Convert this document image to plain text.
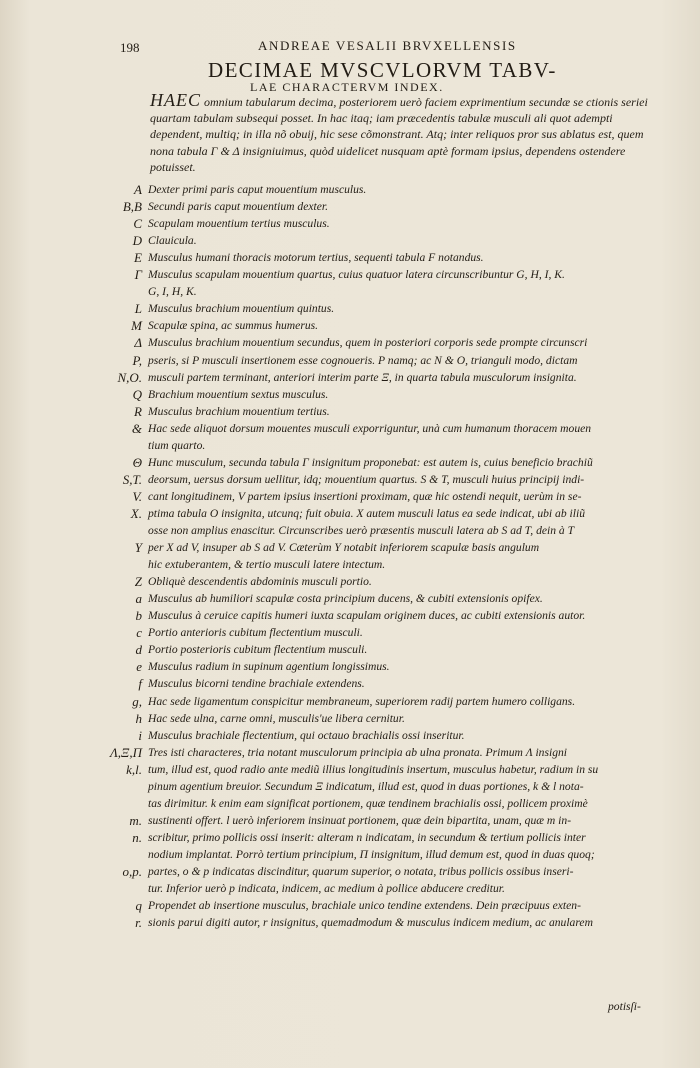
198	ANDREAE VESALII BRVXELLENSIS
DECIMAE MVSCVLORVM TABV-
LAE CHARACTERVM INDEX.
HAEC omnium tabularum decima, posteriorem uerò faciem exprimentium secundæ se ctionis seriei quartam tabulam subsequi posset. In hac itaq; iam præcedentis tabulæ musculi ali quot adempti dependent, multiq; in illa nõ obuij, hic sese cõmonstrant. Atq; inter reliquos pror sus ablatus est, quem nona tabula Γ & Δ insigniuimus, quòd uidelicet nusquam aptè formam ipsius, dependens ostendere potuisset.
A Dexter primi paris caput mouentium musculus.
B,B Secundi paris caput mouentium dexter.
C Scapulam mouentium tertius musculus.
D Clauicula.
E Musculus humani thoracis motorum tertius, sequenti tabula F notandus.
Γ Musculus scapulam mouentium quartus, cuius quatuor latera circunscribuntur G, H, I, K.
G, I, H, K.
L Musculus brachium mouentium quintus.
M Scapulæ spina, ac summus humerus.
Δ Musculus brachium mouentium secundus, quem in posteriori corporis sede prompte circunscri
P, pseris, si P musculi insertionem esse cognoueris. P namq; ac N & O, trianguli modo, dictam
N,O. musculi partem terminant, anteriori interim parte Ξ, in quarta tabula musculorum insignita.
Q Brachium mouentium sextus musculus.
R Musculus brachium mouentium tertius.
& Hac sede aliquot dorsum mouentes musculi exporriguntur, unà cum humanum thoracem mouen
tium quarto.
Θ Hunc musculum, secunda tabula Γ insignitum proponebat: est autem is, cuius beneficio brachiũ
S,T. deorsum, uersus dorsum uellitur, idq; mouentium quartus. S & T, musculi huius principij indi-
V. cant longitudinem, V partem ipsius insertioni proximam, quæ hic ostendi nequit, uerùm in se-
X. ptima tabula O insignita, utcunq; fuit obuia. X autem musculi latus ea sede indicat, ubi ab iliũ
osse non amplius enascitur. Circunscribes uerò præsentis musculi latera ab S ad T, dein à T
Y per X ad V, insuper ab S ad V. Cæterùm Y notabit inferiorem scapulæ basis angulum
hic extuberantem, & tertio musculi latere intectum.
Z Obliquè descendentis abdominis musculi portio.
a Musculus ab humiliori scapulæ costa principium ducens, & cubiti extensionis opifex.
b Musculus à ceruice capitis humeri iuxta scapulam originem duces, ac cubiti extensionis autor.
c Portio anterioris cubitum flectentium musculi.
d Portio posterioris cubitum flectentium musculi.
e Musculus radium in supinum agentium longissimus.
f Musculus bicorni tendine brachiale extendens.
g, Hac sede ligamentum conspicitur membraneum, superiorem radij partem humero colligans.
h Hac sede ulna, carne omni, musculis'ue libera cernitur.
i Musculus brachiale flectentium, qui octauo brachialis ossi inseritur.
Λ,Ξ,Π Tres isti characteres, tria notant musculorum principia ab ulna pronata. Primum Λ insigni
k,l. tum, illud est, quod radio ante mediũ illius longitudinis insertum, musculus habetur, radium in su
pinum agentium breuior. Secundum Ξ indicatum, illud est, quod in duas portiones, k & l nota-
tas dirimitur. k enim eam significat portionem, quæ tendinem brachialis ossi, pollicem proximè
m. sustinenti offert. l uerò inferiorem insinuat portionem, quæ dein bipartita, unam, quæ m in-
n. scribitur, primo pollicis ossi inserit: alteram n indicatam, in secundum & tertium pollicis inter
nodium implantat. Porrò tertium principium, Π insignitum, illud demum est, quod in duas quoq;
o,p. partes, o & p indicatas discinditur, quarum superior, o notata, tribus pollicis ossibus inseri-
tur. Inferior uerò p indicata, indicem, ac medium à pollice abducere creditur.
q Propendet ab insertione musculus, brachiale unico tendine extendens. Dein præcipuus exten-
r. sionis parui digiti autor, r insignitus, quemadmodum & musculus indicem medium, ac anularem
potisſi-
